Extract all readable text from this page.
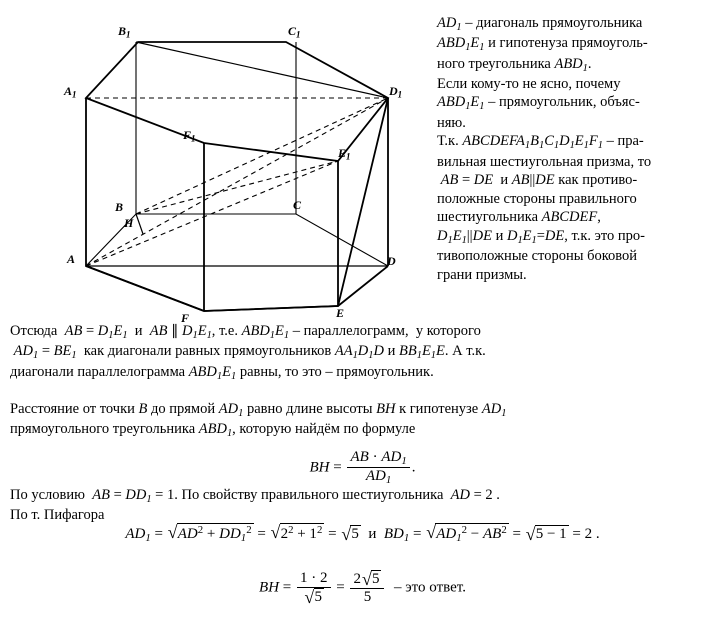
$B_1$	$C_1$
$A_1$	$D_1$
$F_1$
$E_1$
B	C
H
A	D
F	E

$AD_1$ – диагональ прямоугольника

$ABD_1E_1$ и гипотенуза прямоуголь-

ного треугольника $ABD_1$.

Если кому-то не ясно, почему

$ABD_1E_1$ – прямоугольник, объяс-

няю.

Т.к. $ABCDEFA_1B_1C_1D_1E_1F_1 - пра-$

вильная шестиугольная призма, то

AB = DE  и AB||DE как противо-

положные стороны правильного

шестиугольника ABCDEF,

$D_1E_1||DE$ и $D_1E_1=DE$, т.к. это про-

тивоположные стороны боковой

грани призмы.

Отсюда  AB = $D_1E_1$  и  AB ∥ $D_1E_1$, т.е. $ABD_1E_1$ – параллелограмм,  у которого
$AD_1 = BE_1$  как диагонали равных прямоугольников $AA_1D_1D$ и $BB_1E_1E$. А т.к.
диагонали параллелограмма $ABD_1E_1$ равны, то это – прямоугольник.
Расстояние от точки B до прямой $AD_1$ равно длине высоты BH к гипотенузе $AD_1$
прямоугольного треугольника $ABD_1$, которую найдём по формуле
BH = $\frac{AB \cdot AD_1}{AD_1}$ .
По условию  AB = $DD_1 = 1$. По свойству правильного шестиугольника  AD = 2 .
По т. Пифагора
$AD_1$ = √ $AD^2 + DD_1^2$ = √ $2^2 + 1^2$ = √ 5  и  $BD_1$ = √ $AD_1^2 - AB^2$ = √ 5 − 1 = 2 .
BH = 1 · 2
√ $5 = \frac{2 √ 5}{5}$ – это ответ.
